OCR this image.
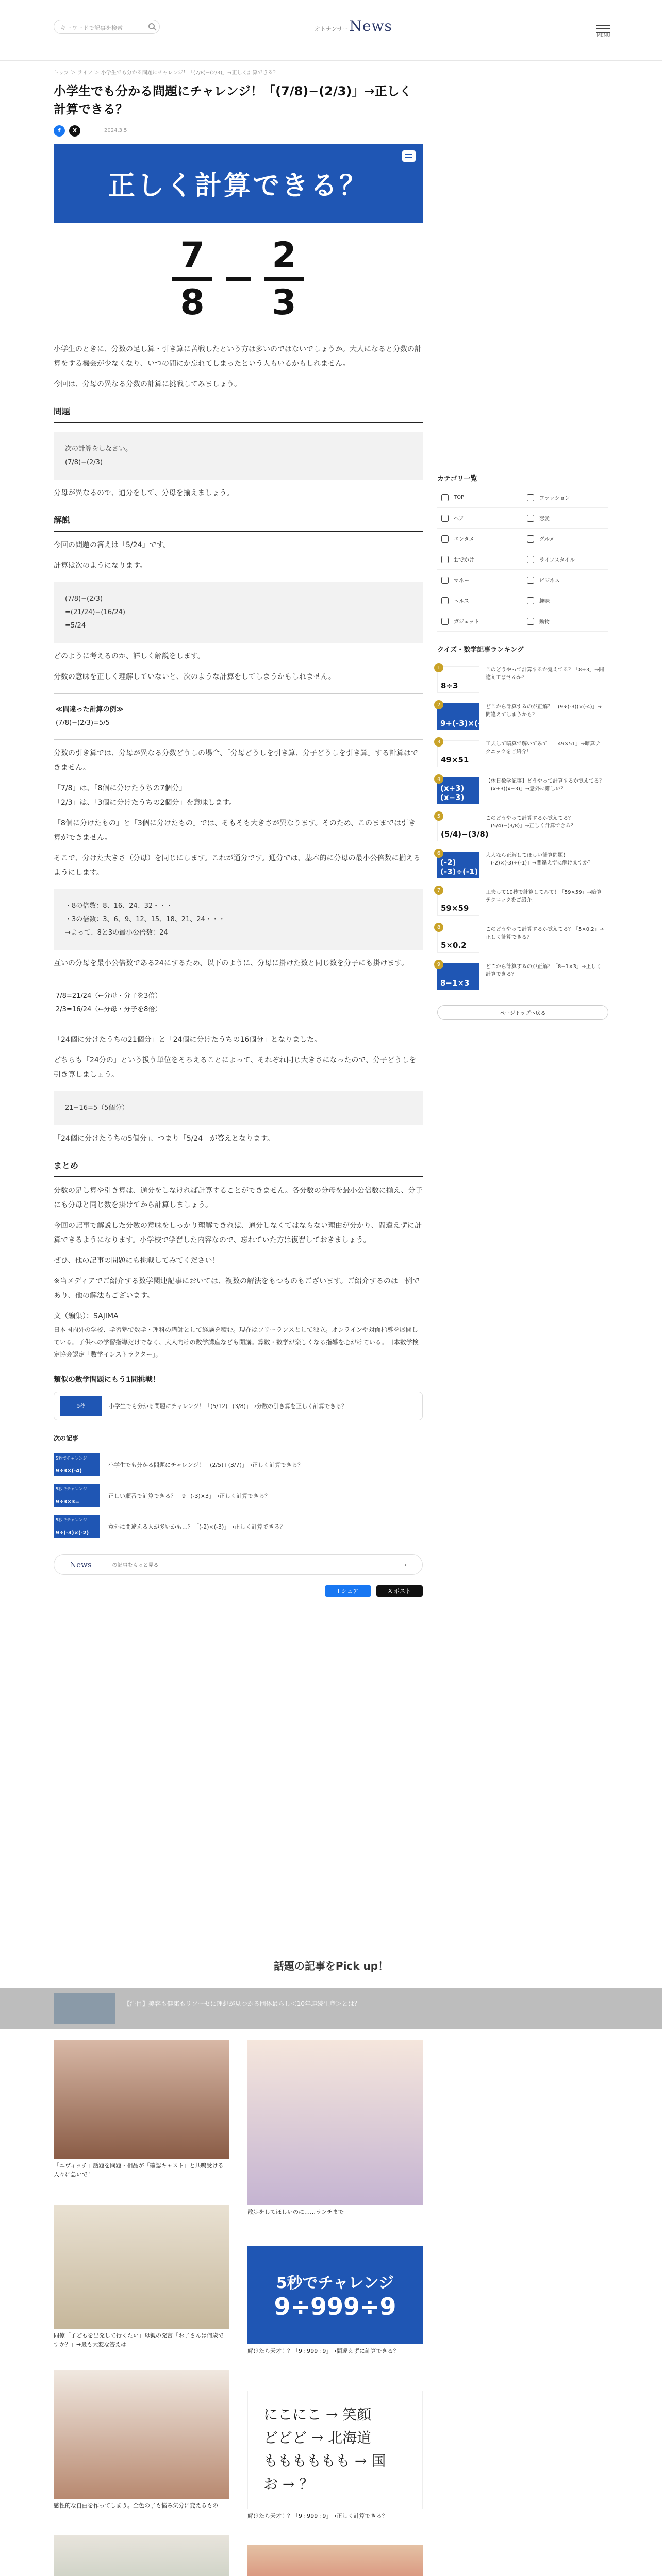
キーワードで記事を検索	オトナンサーNews
MENU
トップ ＞ ライフ ＞ 小学生でも分かる問題にチャレンジ！「(7/8)−(2/3)」→正しく計算できる？
小学生でも分かる問題にチャレンジ！「(7/8)−(2/3)」→正しく計算できる？
f	X	2024.3.5
正しく計算できる？
7
8
2
3

小学生のときに、分数の足し算・引き算に苦戦したという方は多いのではないでしょうか。大人になると分数の計算をする機会が少なくなり、いつの間にか忘れてしまったという人もいるかもしれません。

今回は、分母の異なる分数の計算に挑戦してみましょう。

問題
次の計算をしなさい。
(7/8)−(2/3)

分母が異なるので、通分をして、分母を揃えましょう。

解説

今回の問題の答えは「5/24」です。

計算は次のようになります。

(7/8)−(2/3)
=(21/24)−(16/24)
=5/24

どのように考えるのか、詳しく解説をします。

分数の意味を正しく理解していないと、次のような計算をしてしまうかもしれません。

≪間違った計算の例≫
(7/8)−(2/3)=5/5

分数の引き算では、分母が異なる分数どうしの場合、「分母どうしを引き算、分子どうしを引き算」する計算はできません。

「7/8」は、「8個に分けたうちの7個分」

「2/3」は、「3個に分けたうちの2個分」を意味します。

「8個に分けたもの」と「3個に分けたもの」では、そもそも大きさが異なります。そのため、このままでは引き算ができません。

そこで、分けた大きさ（分母）を同じにします。これが通分です。通分では、基本的に分母の最小公倍数に揃えるようにします。

・8の倍数：8、16、24、32・・・
・3の倍数：3、6、9、12、15、18、21、24・・・
→よって、8と3の最小公倍数：24

互いの分母を最小公倍数である24にするため、以下のように、分母に掛けた数と同じ数を分子にも掛けます。

7/8=21/24（←分母・分子を3倍）
2/3=16/24（←分母・分子を8倍）

「24個に分けたうちの21個分」と「24個に分けたうちの16個分」となりました。

どちらも「24分の」という扱う単位をそろえることによって、それぞれ同じ大きさになったので、分子どうしを引き算しましょう。

21−16=5（5個分）

「24個に分けたうちの5個分」、つまり「5/24」が答えとなります。

まとめ

分数の足し算や引き算は、通分をしなければ計算することができません。各分数の分母を最小公倍数に揃え、分子にも分母と同じ数を掛けてから計算しましょう。

今回の記事で解説した分数の意味をしっかり理解できれば、通分しなくてはならない理由が分かり、間違えずに計算できるようになります。小学校で学習した内容なので、忘れていた方は復習しておきましょう。

ぜひ、他の記事の問題にも挑戦してみてください！

※当メディアでご紹介する数学関連記事においては、複数の解法をもつものもございます。ご紹介するのは一例であり、他の解法もございます。

文（編集）：SAJIMA

日本国内外の学校、学習塾で数学・理科の講師として経験を積む。現在はフリーランスとして独立。オンラインや対面指導を展開している。子供への学習指導だけでなく、大人向けの数学講座なども開講。算数・数学が楽しくなる指導を心がけている。日本数学検定協会認定「数学インストラクター」。

類似の数学問題にもう1問挑戦！
5秒	小学生でも分かる問題にチャレンジ！「(5/12)−(3/8)」→分数の引き算を正しく計算できる？
次の記事
5秒でチャレンジ
9÷3×(-4)
小学生でも分かる問題にチャレンジ！「(2/5)+(3/7)」→正しく計算できる？
5秒でチャレンジ
9÷3×3=
正しい順番で計算できる？「9−(-3)×3」→正しく計算できる？
5秒でチャレンジ
9÷(-3)×(-2)
意外に間違える人が多いかも…？「(-2)×(-3)」→正しく計算できる？
News	の記事をもっと見る	›
f シェア	X ポスト
カテゴリ一覧
TOP	ファッション
ヘア	恋愛
エンタメ	グルメ
おでかけ	ライフスタイル
マネー	ビジネス
ヘルス	趣味
ガジェット	動物
クイズ・数学記事ランキング
1
8÷3
このどうやって計算するか覚えてる？「8÷3」→間違えてませんか？
2
9÷(-3)×(-4)
どこから計算するのが正解？「(9÷(-3))×(-4)」→間違えてしまうかも？
3
49×51
工夫して暗算で解いてみて！「49×51」→暗算テクニックをご紹介！
4
(x+3)(x−3)
【休日数学記事】どうやって計算するか覚えてる？「(x+3)(x−3)」→意外に難しい？
5
(5/4)−(3/8)
このどうやって計算するか覚えてる？「(5/4)−(3/8)」→正しく計算できる？
6
(-2)(-3)÷(-1)
大人なら正解してほしい計算問題！「(-2)×(-3)÷(-1)」→間違えずに解けますか？
7
59×59
工夫して10秒で計算してみて！「59×59」→暗算テクニックをご紹介！
8
5×0.2
このどうやって計算するか覚えてる？「5×0.2」→正しく計算できる？
9
8−1×3
どこから計算するのが正解？「8−1×3」→正しく計算できる？
ページトップへ戻る
話題の記事をPick up！
【注目】美容も健康もリソーセに理想が見つかる団体最らし＜10年連続生産＞とは？
「エヴィッチ」話題を問題・相品が「確認キャスト」と共鳴受ける人々に急いで！
散歩をしてほしいのに……ランチまで
同僚「子どもを出発して行くたい」母親の発言「お子さんは何歳ですか？」→最も大変な答えは
5秒でチャレンジ
9÷999÷9
解けたら天才！？「9÷999÷9」→間違えずに計算できる？
感性的な自由を作ってしまう。全色の子も悩み気分に変えるもの
にこにこ → 笑顔
どどど → 北海道
もももももも → 国
お → ？
解けたら天才！？「9÷999÷9」→正しく計算できる？
